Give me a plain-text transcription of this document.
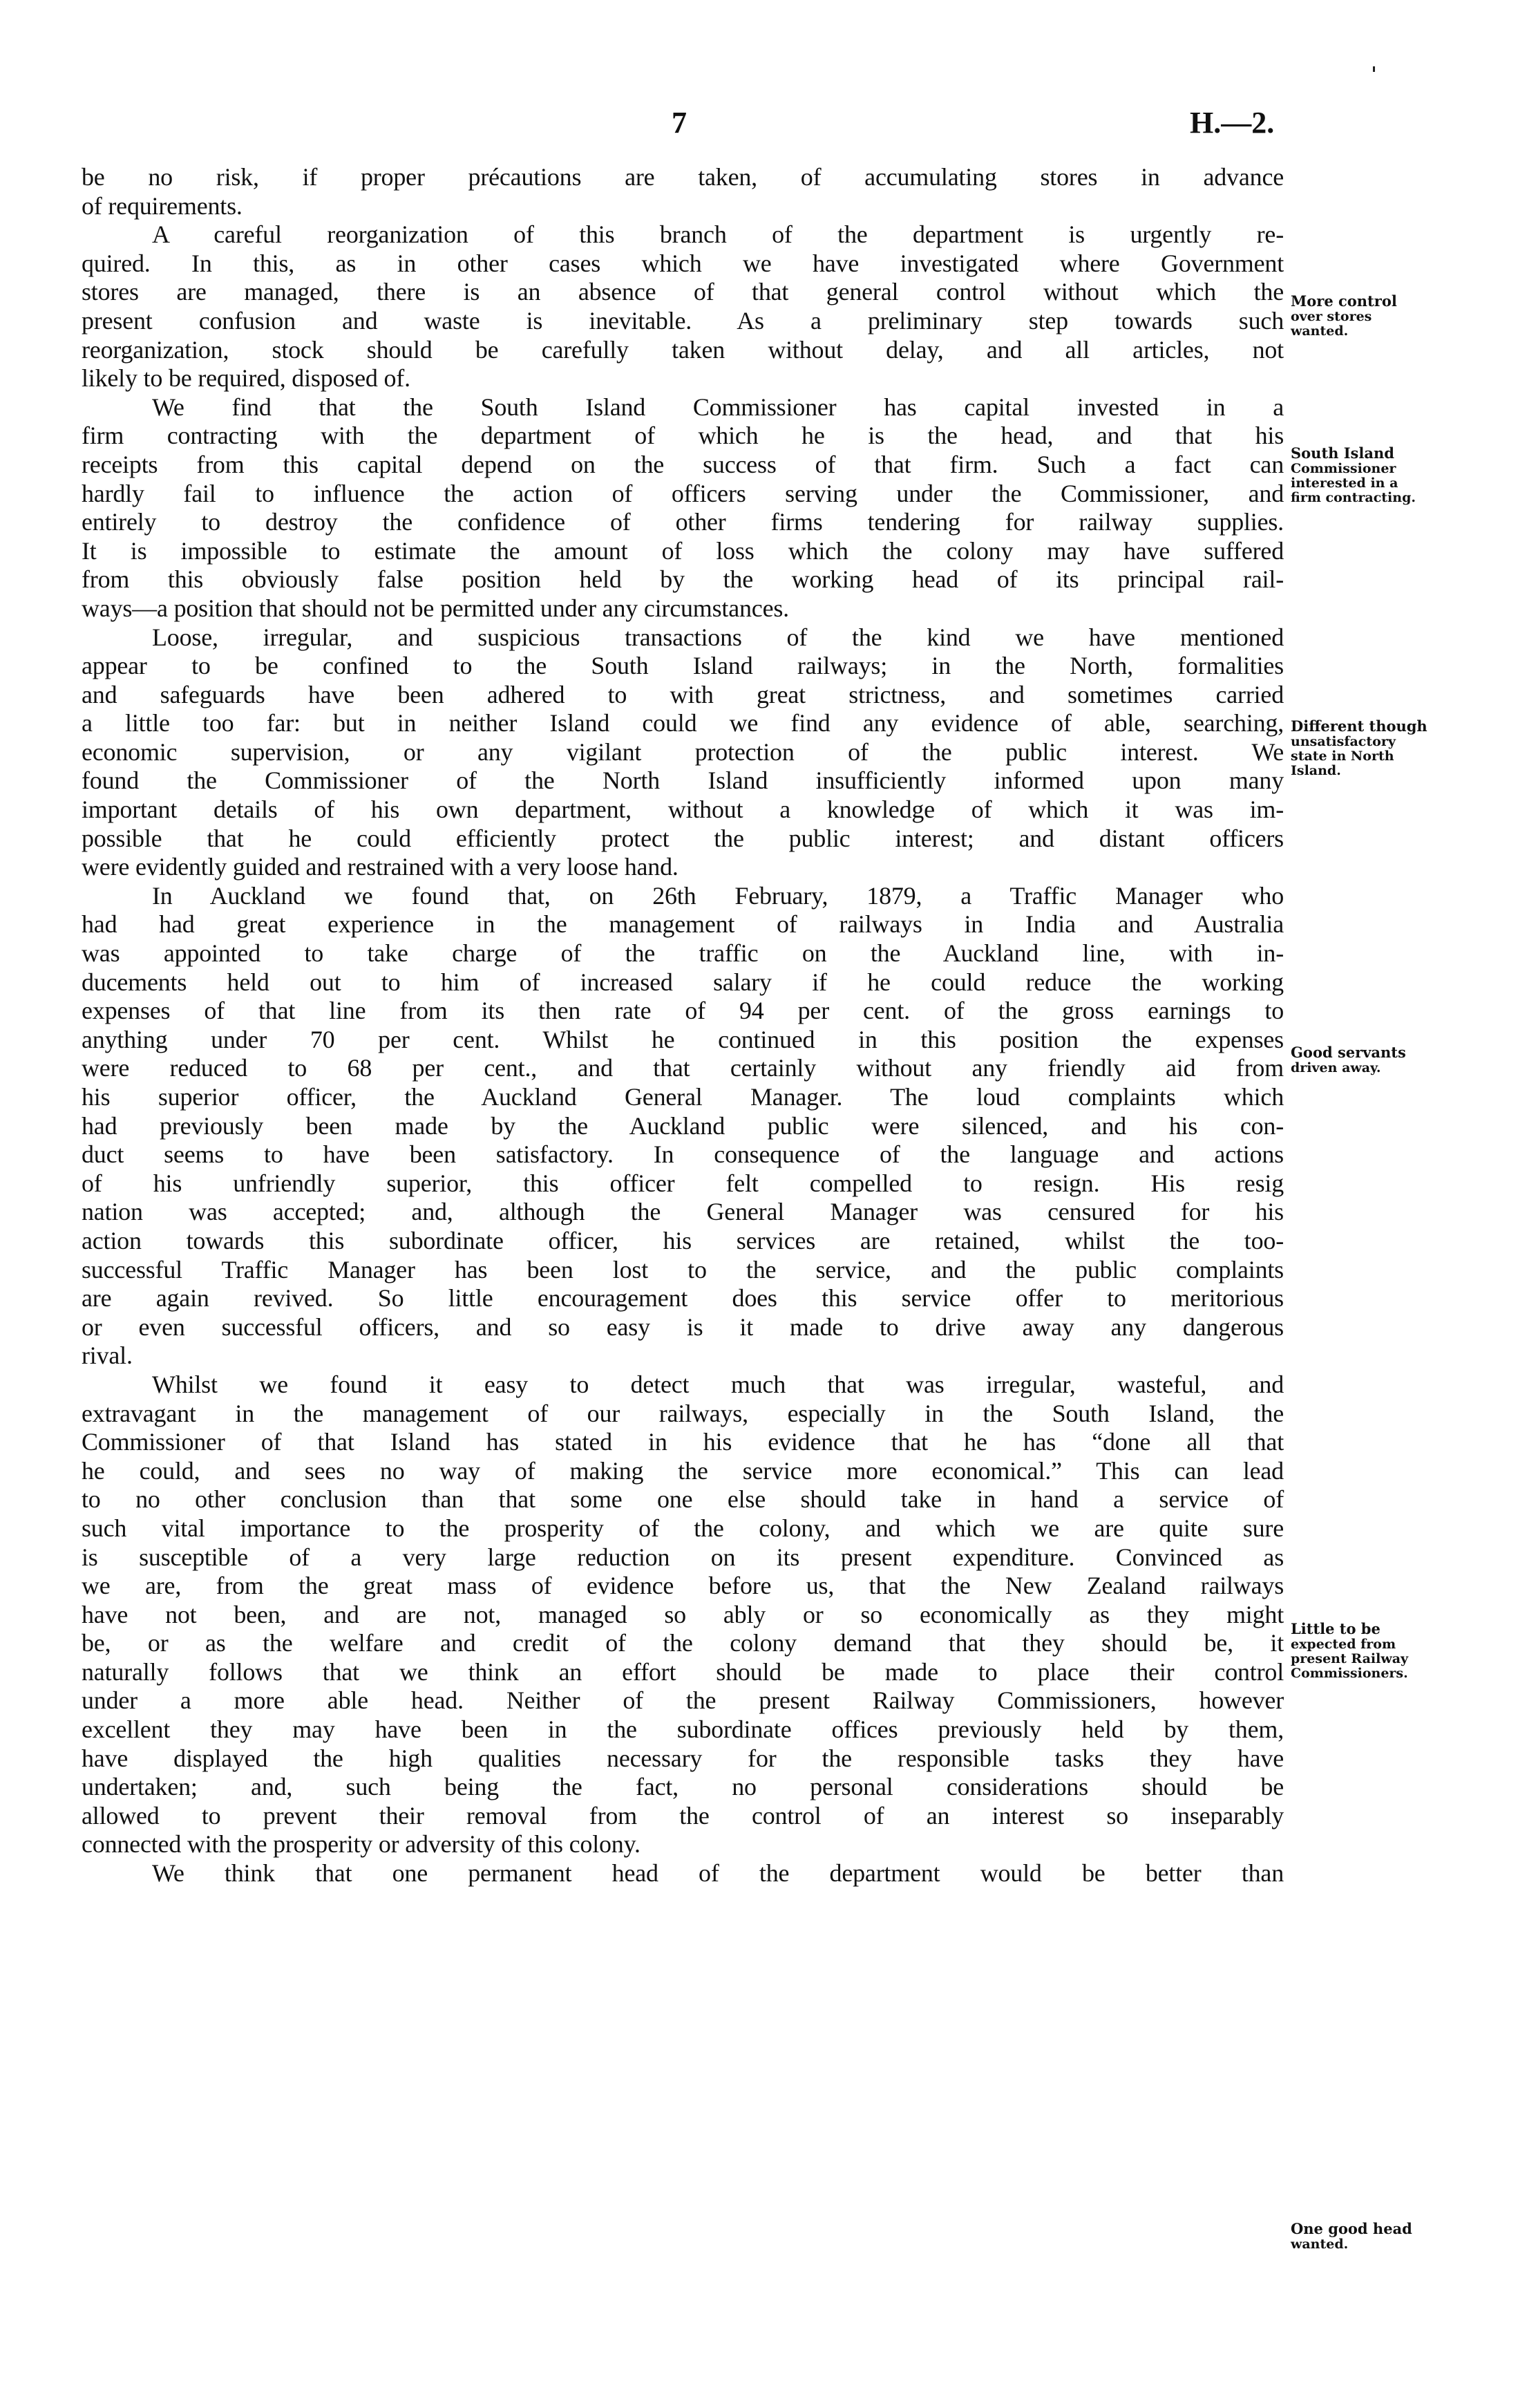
7	H.—2.
be no risk, if proper précautions are taken, of accumulating stores in advance
of requirements.
A careful reorganization of this branch of the department is urgently re-
quired. In this, as in other cases which we have investigated where Government
stores are managed, there is an absence of that general control without which the
present confusion and waste is inevitable. As a preliminary step towards such
reorganization, stock should be carefully taken without delay, and all articles, not
likely to be required, disposed of.
We find that the South Island Commissioner has capital invested in a
firm contracting with the department of which he is the head, and that his
receipts from this capital depend on the success of that firm. Such a fact can
hardly fail to influence the action of officers serving under the Commissioner, and
entirely to destroy the confidence of other firms tendering for railway supplies.
It is impossible to estimate the amount of loss which the colony may have suffered
from this obviously false position held by the working head of its principal rail-
ways—a position that should not be permitted under any circumstances.
Loose, irregular, and suspicious transactions of the kind we have mentioned
appear to be confined to the South Island railways; in the North, formalities
and safeguards have been adhered to with great strictness, and sometimes carried
a little too far: but in neither Island could we find any evidence of able, searching,
economic supervision, or any vigilant protection of the public interest. We
found the Commissioner of the North Island insufficiently informed upon many
important details of his own department, without a knowledge of which it was im-
possible that he could efficiently protect the public interest; and distant officers
were evidently guided and restrained with a very loose hand.
In Auckland we found that, on 26th February, 1879, a Traffic Manager who
had had great experience in the management of railways in India and Australia
was appointed to take charge of the traffic on the Auckland line, with in-
ducements held out to him of increased salary if he could reduce the working
expenses of that line from its then rate of 94 per cent. of the gross earnings to
anything under 70 per cent. Whilst he continued in this position the expenses
were reduced to 68 per cent., and that certainly without any friendly aid from
his superior officer, the Auckland General Manager. The loud complaints which
had previously been made by the Auckland public were silenced, and his con-
duct seems to have been satisfactory. In consequence of the language and actions
of his unfriendly superior, this officer felt compelled to resign. His resig
nation was accepted; and, although the General Manager was censured for his
action towards this subordinate officer, his services are retained, whilst the too-
successful Traffic Manager has been lost to the service, and the public complaints
are again revived. So little encouragement does this service offer to meritorious
or even successful officers, and so easy is it made to drive away any dangerous
rival.
Whilst we found it easy to detect much that was irregular, wasteful, and
extravagant in the management of our railways, especially in the South Island, the
Commissioner of that Island has stated in his evidence that he has “done all that
he could, and sees no way of making the service more economical.” This can lead
to no other conclusion than that some one else should take in hand a service of
such vital importance to the prosperity of the colony, and which we are quite sure
is susceptible of a very large reduction on its present expenditure. Convinced as
we are, from the great mass of evidence before us, that the New Zealand railways
have not been, and are not, managed so ably or so economically as they might
be, or as the welfare and credit of the colony demand that they should be, it
naturally follows that we think an effort should be made to place their control
under a more able head. Neither of the present Railway Commissioners, however
excellent they may have been in the subordinate offices previously held by them,
have displayed the high qualities necessary for the responsible tasks they have
undertaken; and, such being the fact, no personal considerations should be
allowed to prevent their removal from the control of an interest so inseparably
connected with the prosperity or adversity of this colony.
We think that one permanent head of the department would be better than
More control
over stores
wanted.
South Island
Commissioner
interested in a
firm contracting.
Different though
unsatisfactory
state in North
Island.
Good servants
driven away.
Little to be
expected from
present Railway
Commissioners.
One good head
wanted.
